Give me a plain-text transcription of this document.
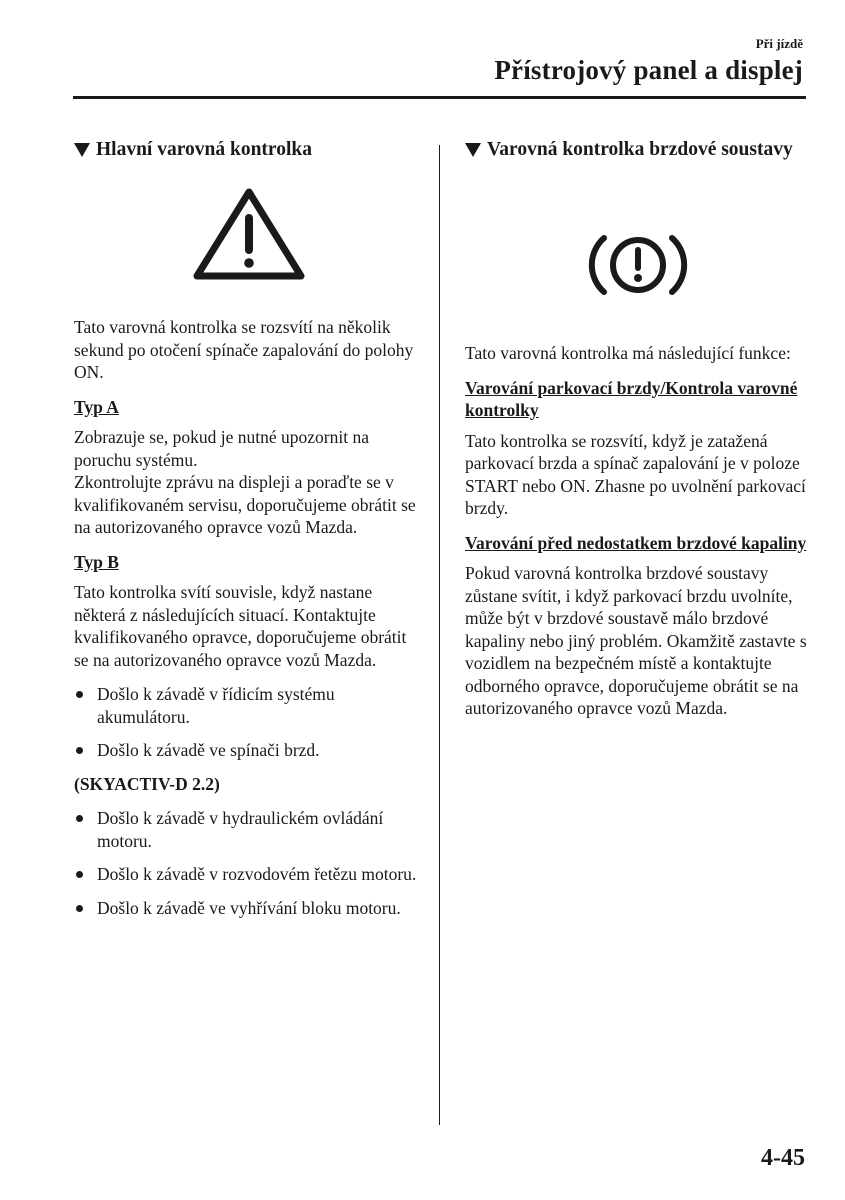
Při jízdě
Přístrojový panel a displej
Hlavní varovná kontrolka

Tato varovná kontrolka se rozsvítí na několik sekund po otočení spínače zapalování do polohy ON.

Typ A

Zobrazuje se, pokud je nutné upozornit na poruchu systému.
Zkontrolujte zprávu na displeji a poraďte se v kvalifikovaném servisu, doporučujeme obrátit se na autorizovaného opravce vozů Mazda.

Typ B

Tato kontrolka svítí souvisle, když nastane některá z následujících situací. Kontaktujte kvalifikovaného opravce, doporučujeme obrátit se na autorizovaného opravce vozů Mazda.

Došlo k závadě v řídicím systému akumulátoru.
Došlo k závadě ve spínači brzd.
(SKYACTIV-D 2.2)
Došlo k závadě v hydraulickém ovládání motoru.
Došlo k závadě v rozvodovém řetězu motoru.
Došlo k závadě ve vyhřívání bloku motoru.
Varovná kontrolka brzdové soustavy

Tato varovná kontrolka má následující funkce:

Varování parkovací brzdy/Kontrola varovné kontrolky

Tato kontrolka se rozsvítí, když je zatažená parkovací brzda a spínač zapalování je v poloze START nebo ON. Zhasne po uvolnění parkovací brzdy.

Varování před nedostatkem brzdové kapaliny

Pokud varovná kontrolka brzdové soustavy zůstane svítit, i když parkovací brzdu uvolníte, může být v brzdové soustavě málo brzdové kapaliny nebo jiný problém. Okamžitě zastavte s vozidlem na bezpečném místě a kontaktujte odborného opravce, doporučujeme obrátit se na autorizovaného opravce vozů Mazda.

4-45
